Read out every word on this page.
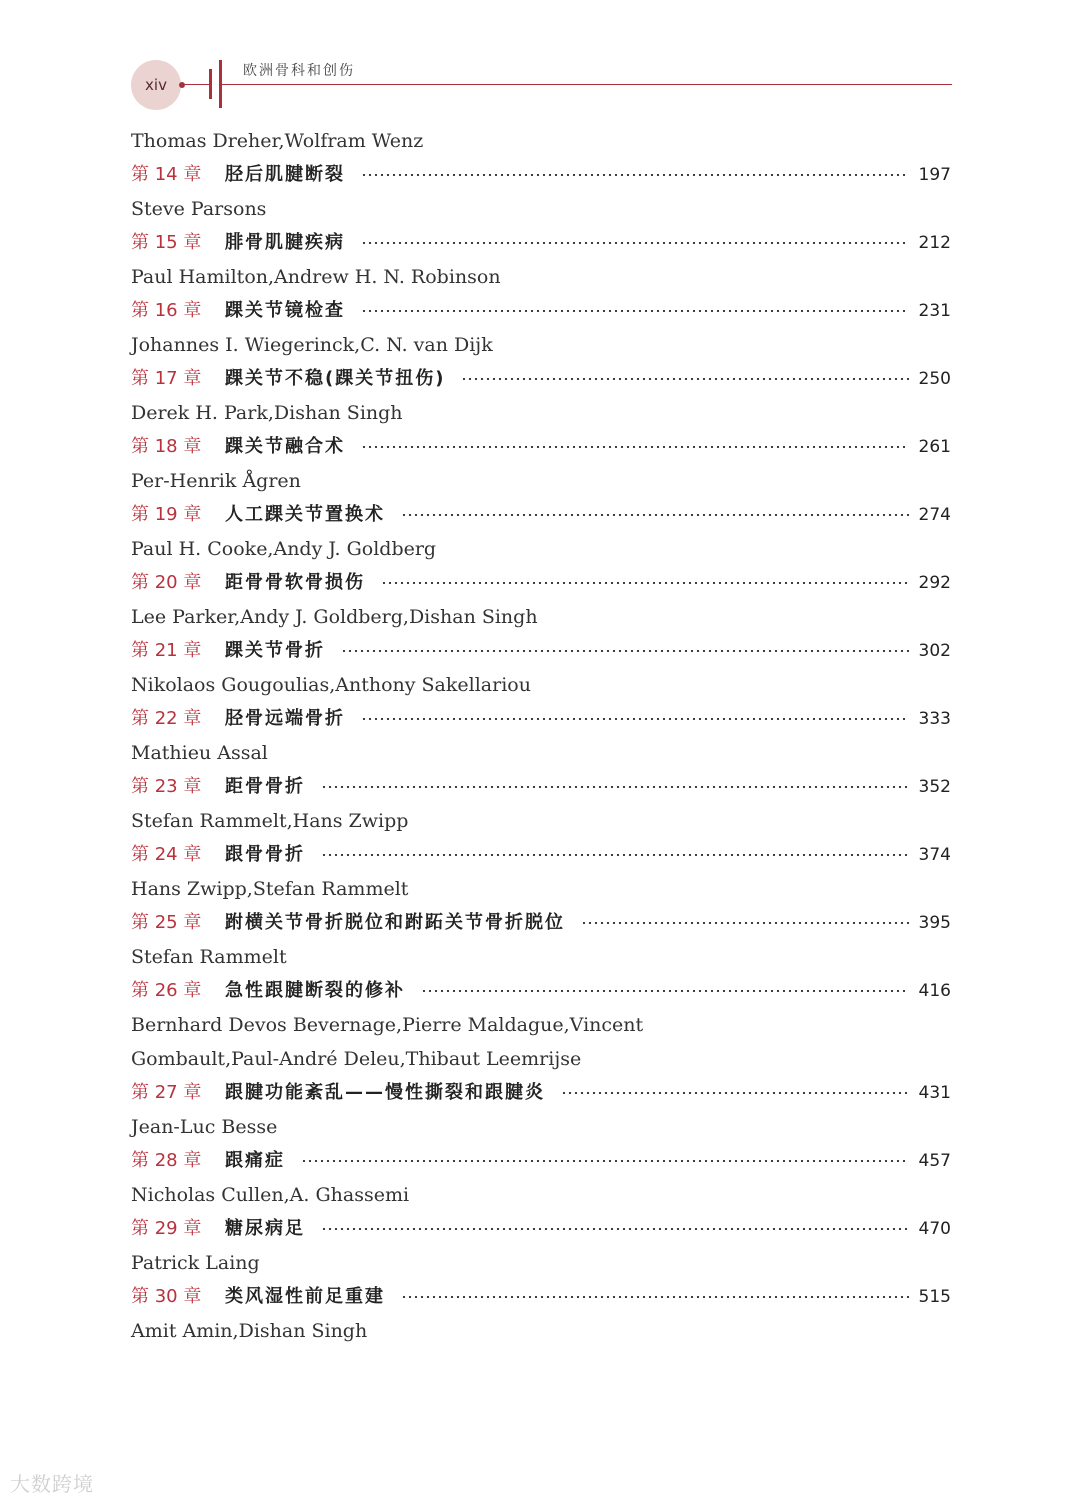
xiv
欧洲骨科和创伤
Thomas Dreher,Wolfram Wenz
第 14 章	胫后肌腱断裂	197
Steve Parsons
第 15 章	腓骨肌腱疾病	212
Paul Hamilton,Andrew H. N. Robinson
第 16 章	踝关节镜检查	231
Johannes I. Wiegerinck,C. N. van Dijk
第 17 章	踝关节不稳(踝关节扭伤)	250
Derek H. Park,Dishan Singh
第 18 章	踝关节融合术	261
Per-Henrik Ågren
第 19 章	人工踝关节置换术	274
Paul H. Cooke,Andy J. Goldberg
第 20 章	距骨骨软骨损伤	292
Lee Parker,Andy J. Goldberg,Dishan Singh
第 21 章	踝关节骨折	302
Nikolaos Gougoulias,Anthony Sakellariou
第 22 章	胫骨远端骨折	333
Mathieu Assal
第 23 章	距骨骨折	352
Stefan Rammelt,Hans Zwipp
第 24 章	跟骨骨折	374
Hans Zwipp,Stefan Rammelt
第 25 章	跗横关节骨折脱位和跗跖关节骨折脱位	395
Stefan Rammelt
第 26 章	急性跟腱断裂的修补	416
Bernhard Devos Bevernage,Pierre Maldague,Vincent
Gombault,Paul-André Deleu,Thibaut Leemrijse
第 27 章	跟腱功能紊乱——慢性撕裂和跟腱炎	431
Jean-Luc Besse
第 28 章	跟痛症	457
Nicholas Cullen,A. Ghassemi
第 29 章	糖尿病足	470
Patrick Laing
第 30 章	类风湿性前足重建	515
Amit Amin,Dishan Singh
大数跨境
